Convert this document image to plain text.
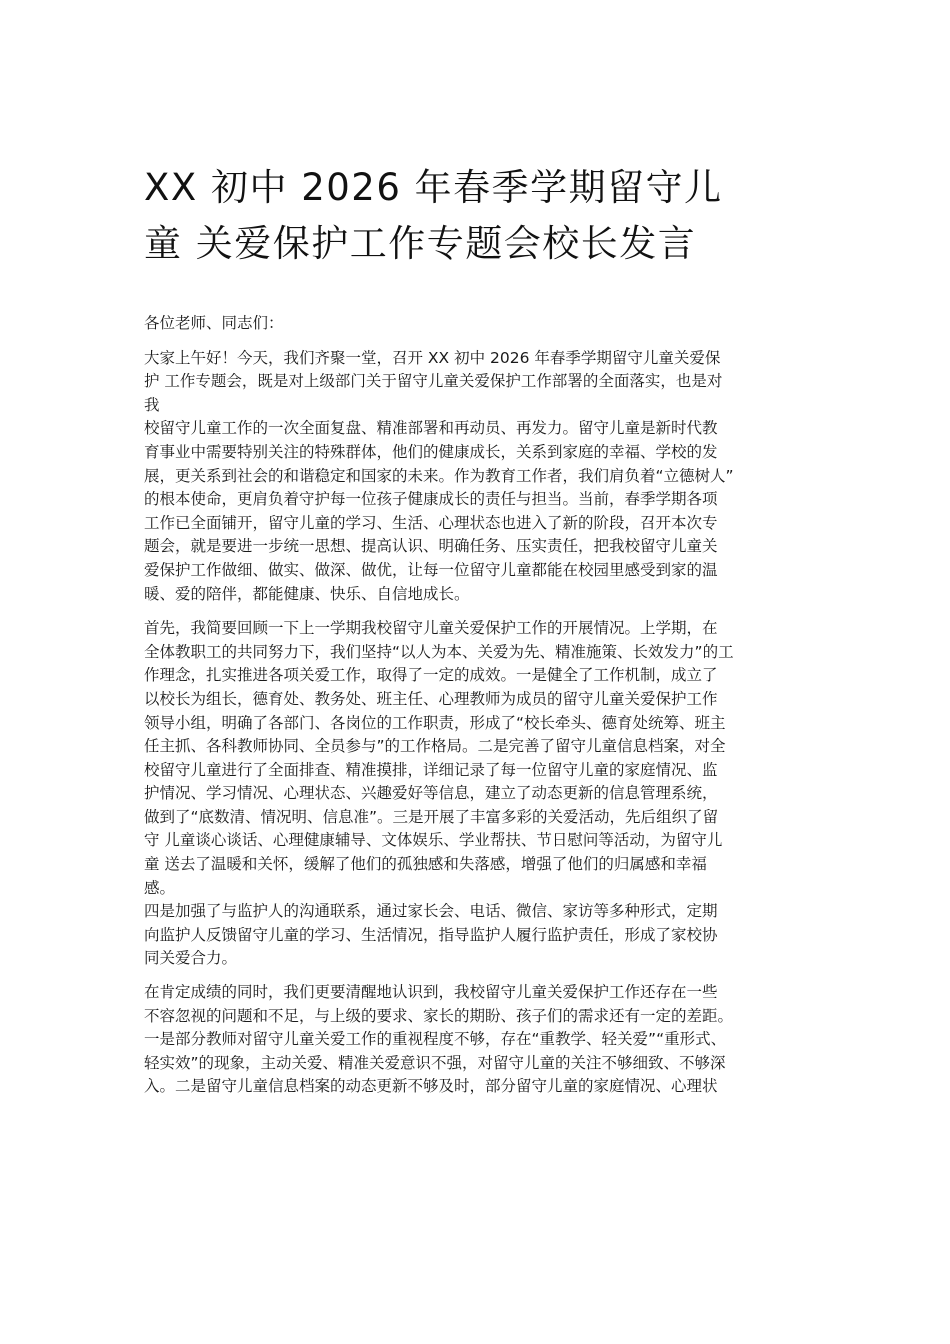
XX 初中 2026 年春季学期留守儿
童 关爱保护工作专题会校长发言

各位老师、同志们：

大家上午好！今天，我们齐聚一堂，召开 XX 初中 2026 年春季学期留守儿童关爱保
护 工作专题会，既是对上级部门关于留守儿童关爱保护工作部署的全面落实，也是对
我
校留守儿童工作的一次全面复盘、精准部署和再动员、再发力。留守儿童是新时代教
育事业中需要特别关注的特殊群体，他们的健康成长，关系到家庭的幸福、学校的发
展，更关系到社会的和谐稳定和国家的未来。作为教育工作者，我们肩负着“立德树人”
的根本使命，更肩负着守护每一位孩子健康成长的责任与担当。当前，春季学期各项
工作已全面铺开，留守儿童的学习、生活、心理状态也进入了新的阶段，召开本次专
题会，就是要进一步统一思想、提高认识、明确任务、压实责任，把我校留守儿童关
爱保护工作做细、做实、做深、做优，让每一位留守儿童都能在校园里感受到家的温
暖、爱的陪伴，都能健康、快乐、自信地成长。

首先，我简要回顾一下上一学期我校留守儿童关爱保护工作的开展情况。上学期，在
全体教职工的共同努力下，我们坚持“以人为本、关爱为先、精准施策、长效发力”的工
作理念，扎实推进各项关爱工作，取得了一定的成效。一是健全了工作机制，成立了
以校长为组长，德育处、教务处、班主任、心理教师为成员的留守儿童关爱保护工作
领导小组，明确了各部门、各岗位的工作职责，形成了“校长牵头、德育处统筹、班主
任主抓、各科教师协同、全员参与”的工作格局。二是完善了留守儿童信息档案，对全
校留守儿童进行了全面排查、精准摸排，详细记录了每一位留守儿童的家庭情况、监
护情况、学习情况、心理状态、兴趣爱好等信息，建立了动态更新的信息管理系统，
做到了“底数清、情况明、信息准”。三是开展了丰富多彩的关爱活动，先后组织了留
守 儿童谈心谈话、心理健康辅导、文体娱乐、学业帮扶、节日慰问等活动，为留守儿
童 送去了温暖和关怀，缓解了他们的孤独感和失落感，增强了他们的归属感和幸福
感。

四是加强了与监护人的沟通联系，通过家长会、电话、微信、家访等多种形式，定期
向监护人反馈留守儿童的学习、生活情况，指导监护人履行监护责任，形成了家校协
同关爱合力。

在肯定成绩的同时，我们更要清醒地认识到，我校留守儿童关爱保护工作还存在一些
不容忽视的问题和不足，与上级的要求、家长的期盼、孩子们的需求还有一定的差距。
一是部分教师对留守儿童关爱工作的重视程度不够，存在“重教学、轻关爱”“重形式、
轻实效”的现象，主动关爱、精准关爱意识不强，对留守儿童的关注不够细致、不够深
入。二是留守儿童信息档案的动态更新不够及时，部分留守儿童的家庭情况、心理状
